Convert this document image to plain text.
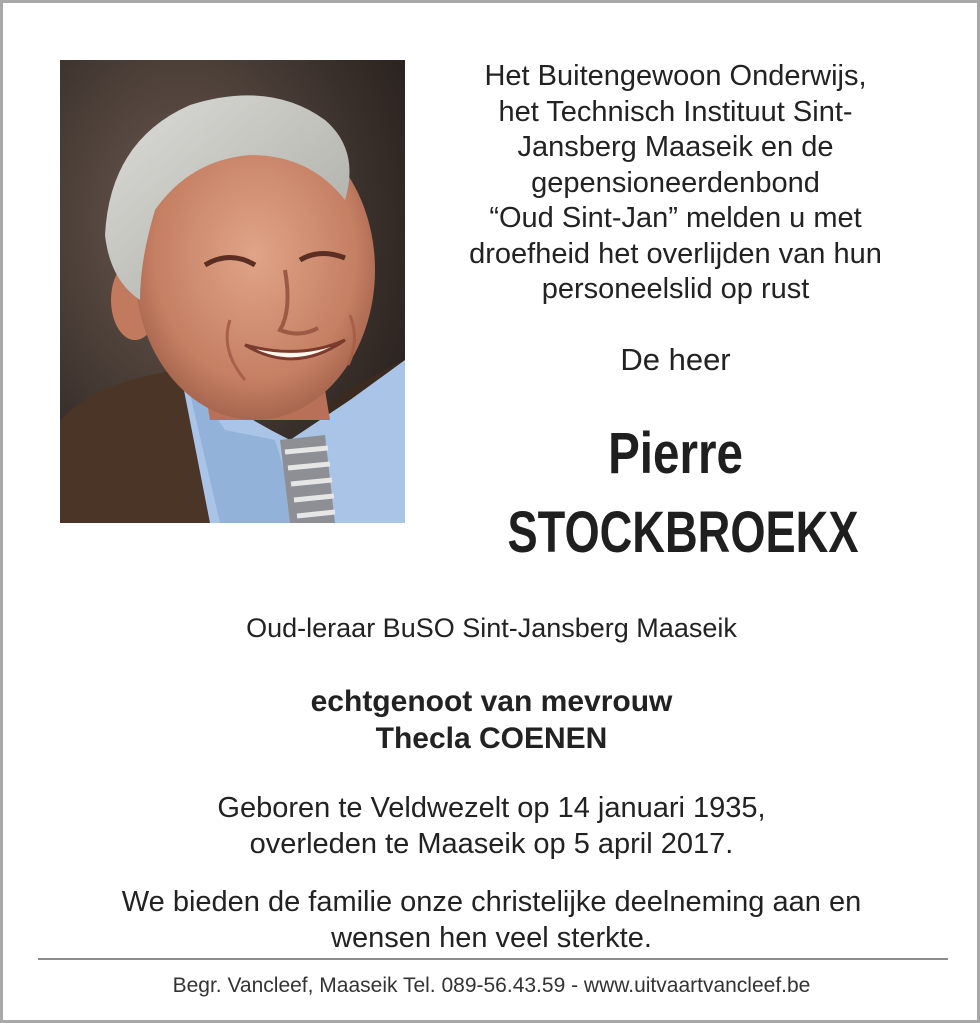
Het Buitengewoon Onderwijs,
het Technisch Instituut Sint-
Jansberg Maaseik en de
gepensioneerdenbond
“Oud Sint-Jan” melden u met
droefheid het overlijden van hun
personeelslid op rust
De heer
Pierre
STOCKBROEKX
Oud-leraar BuSO Sint-Jansberg Maaseik
echtgenoot van mevrouw
Thecla COENEN
Geboren te Veldwezelt op 14 januari 1935,
overleden te Maaseik op 5 april 2017.
We bieden de familie onze christelijke deelneming aan en
wensen hen veel sterkte.
Begr. Vancleef, Maaseik Tel. 089-56.43.59 - www.uitvaartvancleef.be
